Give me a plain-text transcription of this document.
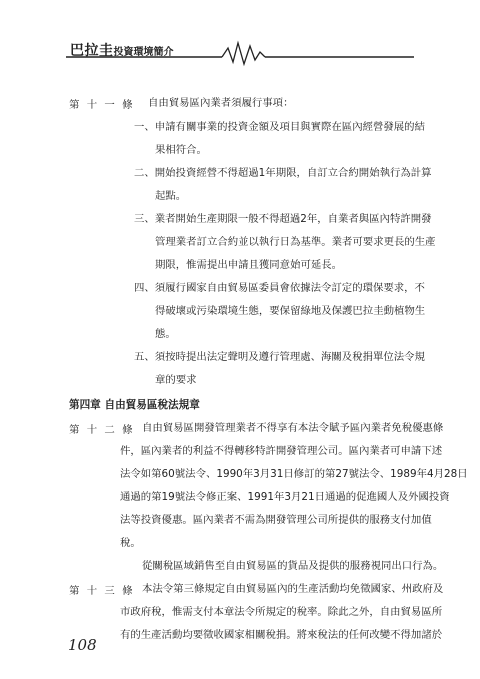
巴拉圭投資環境簡介
第 十 一 條 自由貿易區內業者須履行事項：
一、申請有關事業的投資金額及項目與實際在區內經營發展的結
果相符合。
二、開始投資經營不得超過1年期限，自訂立合約開始執行為計算
起點。
三、業者開始生產期限一般不得超過2年，自業者與區內特許開發
管理業者訂立合約並以執行日為基準。業者可要求更長的生產
期限，惟需提出申請且獲同意始可延長。
四、須履行國家自由貿易區委員會依據法令訂定的環保要求，不
得破壞或污染環境生態，要保留綠地及保護巴拉圭動植物生
態。
五、須按時提出法定聲明及遵行管理處、海關及稅捐單位法令規
章的要求
第四章 自由貿易區稅法規章
第 十 二 條 自由貿易區開發管理業者不得享有本法令賦予區內業者免稅優惠條
件，區內業者的利益不得轉移特許開發管理公司。區內業者可申請下述
法令如第60號法令、1990年3月31日修訂的第27號法令、1989年4月28日
通過的第19號法令修正案、1991年3月21日通過的促進國人及外國投資
法等投資優惠。區內業者不需為開發管理公司所提供的服務支付加值
稅。
從關稅區域銷售至自由貿易區的貨品及提供的服務視同出口行為。
第 十 三 條 本法令第三條規定自由貿易區內的生產活動均免徵國家、州政府及
市政府稅，惟需支付本章法令所規定的稅率。除此之外，自由貿易區所
有的生產活動均要徵收國家相關稅捐。將來稅法的任何改變不得加諸於
108
